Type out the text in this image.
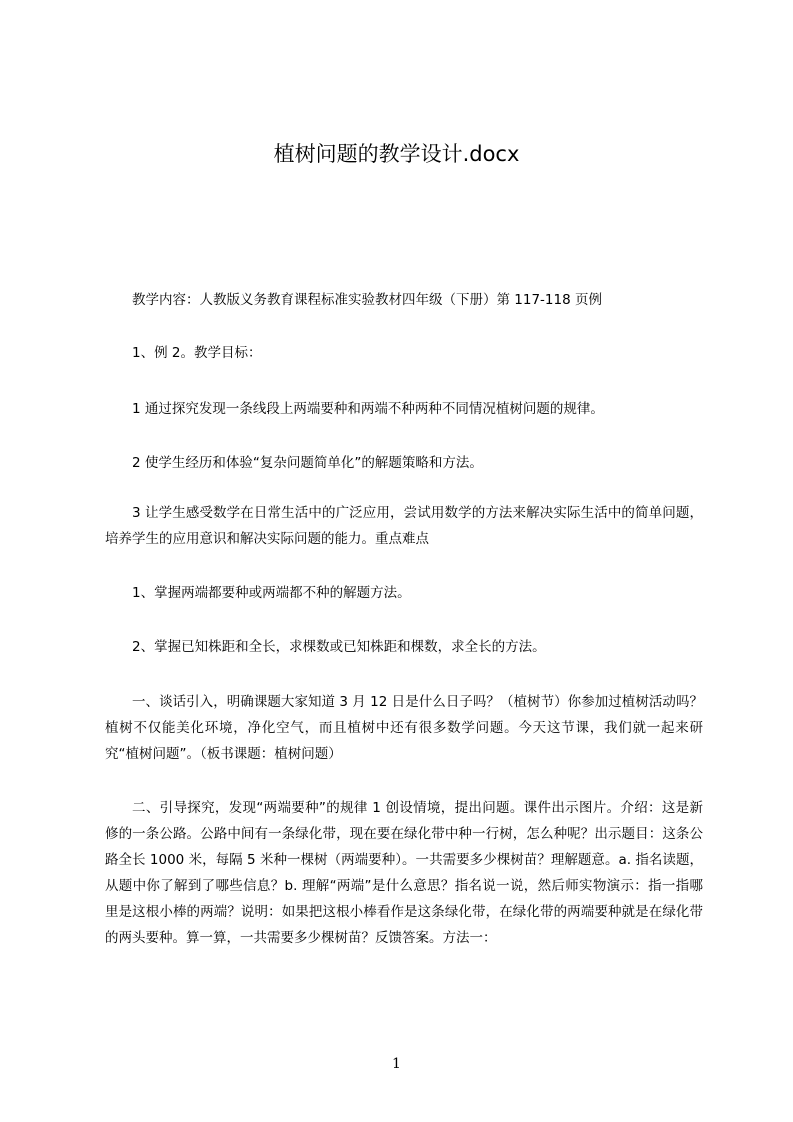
植树问题的教学设计.docx
教学内容：人教版义务教育课程标准实验教材四年级（下册）第 117-118 页例
1、例 2。教学目标：
1 通过探究发现一条线段上两端要种和两端不种两种不同情况植树问题的规律。
2 使学生经历和体验“复杂问题简单化”的解题策略和方法。
3 让学生感受数学在日常生活中的广泛应用，尝试用数学的方法来解决实际生活中的简单问题，培养学生的应用意识和解决实际问题的能力。重点难点
1、掌握两端都要种或两端都不种的解题方法。
2、掌握已知株距和全长，求棵数或已知株距和棵数，求全长的方法。
一、谈话引入，明确课题大家知道 3 月 12 日是什么日子吗？（植树节）你参加过植树活动吗？植树不仅能美化环境，净化空气，而且植树中还有很多数学问题。今天这节课，我们就一起来研究“植树问题”。（板书课题：植树问题）
二、引导探究，发现“两端要种”的规律 1 创设情境，提出问题。课件出示图片。介绍：这是新修的一条公路。公路中间有一条绿化带，现在要在绿化带中种一行树，怎么种呢？出示题目：这条公路全长 1000 米，每隔 5 米种一棵树（两端要种）。一共需要多少棵树苗？理解题意。a. 指名读题，从题中你了解到了哪些信息？b. 理解“两端”是什么意思？指名说一说，然后师实物演示：指一指哪里是这根小棒的两端？说明：如果把这根小棒看作是这条绿化带，在绿化带的两端要种就是在绿化带的两头要种。算一算，一共需要多少棵树苗？反馈答案。方法一：
1
